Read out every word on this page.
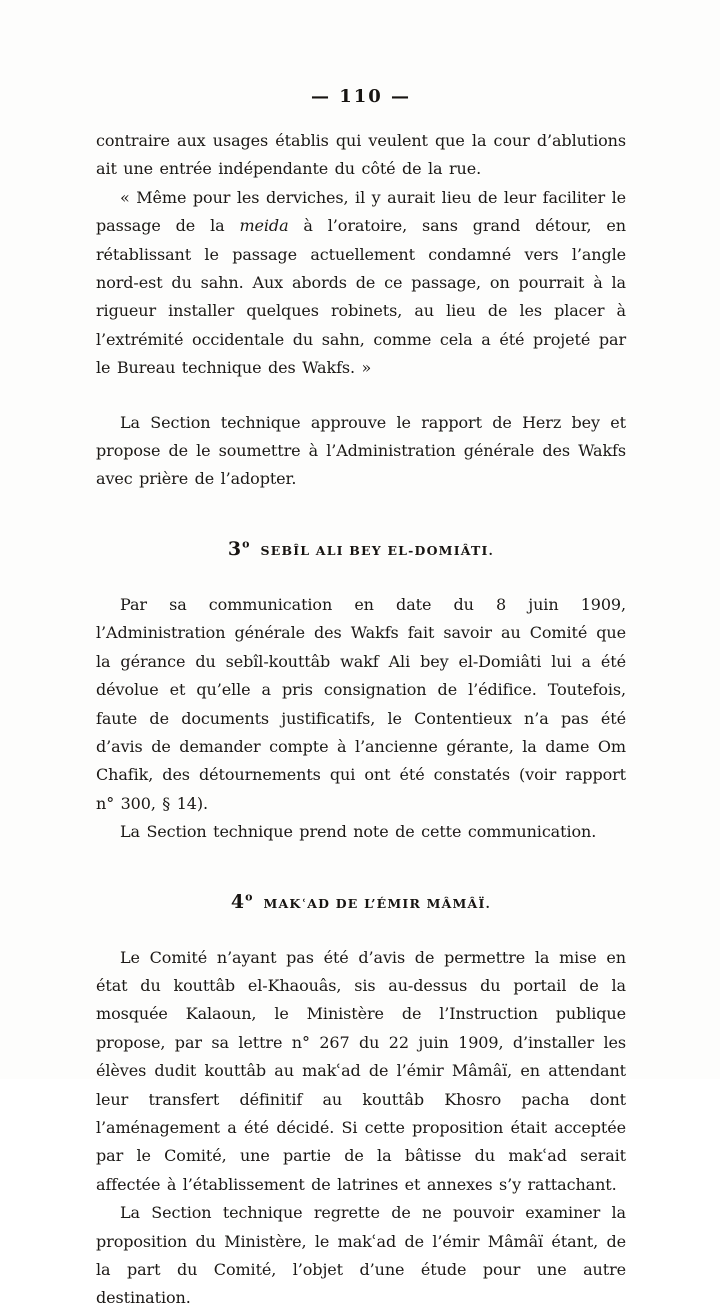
— 110 —

contraire aux usages établis qui veulent que la cour d’ablutions ait une entrée indépendante du côté de la rue.

« Même pour les derviches, il y aurait lieu de leur faciliter le passage de la meida à l’oratoire, sans grand détour, en rétablissant le passage actuellement condamné vers l’angle nord-est du sahn. Aux abords de ce passage, on pourrait à la rigueur installer quelques robinets, au lieu de les placer à l’extrémité occidentale du sahn, comme cela a été projeté par le Bureau technique des Wakfs. »

La Section technique approuve le rapport de Herz bey et propose de le soumettre à l’Administration générale des Wakfs avec prière de l’adopter.

3$^o$ SEBÎL ALI BEY EL-DOMIÂTI.

Par sa communication en date du 8 juin 1909, l’Administration générale des Wakfs fait savoir au Comité que la gérance du sebîl-kouttâb wakf Ali bey el-Domiâti lui a été dévolue et qu’elle a pris consignation de l’édifice. Toutefois, faute de documents justificatifs, le Contentieux n’a pas été d’avis de demander compte à l’ancienne gérante, la dame Om Chafik, des détournements qui ont été constatés (voir rapport n° 300, § 14).

La Section technique prend note de cette communication.

4$^o$ MAKʿAD DE L’ÉMIR MÂMÂÏ.

Le Comité n’ayant pas été d’avis de permettre la mise en état du kouttâb el-Khaouâs, sis au-dessus du portail de la mosquée Kalaoun, le Ministère de l’Instruction publique propose, par sa lettre n° 267 du 22 juin 1909, d’installer les élèves dudit kouttâb au makʿad de l’émir Mâmâï, en attendant leur transfert définitif au kouttâb Khosro pacha dont l’aménagement a été décidé. Si cette proposition était acceptée par le Comité, une partie de la bâtisse du makʿad serait affectée à l’établissement de latrines et annexes s’y rattachant.

La Section technique regrette de ne pouvoir examiner la proposition du Ministère, le makʿad de l’émir Mâmâï étant, de la part du Comité, l’objet d’une étude pour une autre destination.
